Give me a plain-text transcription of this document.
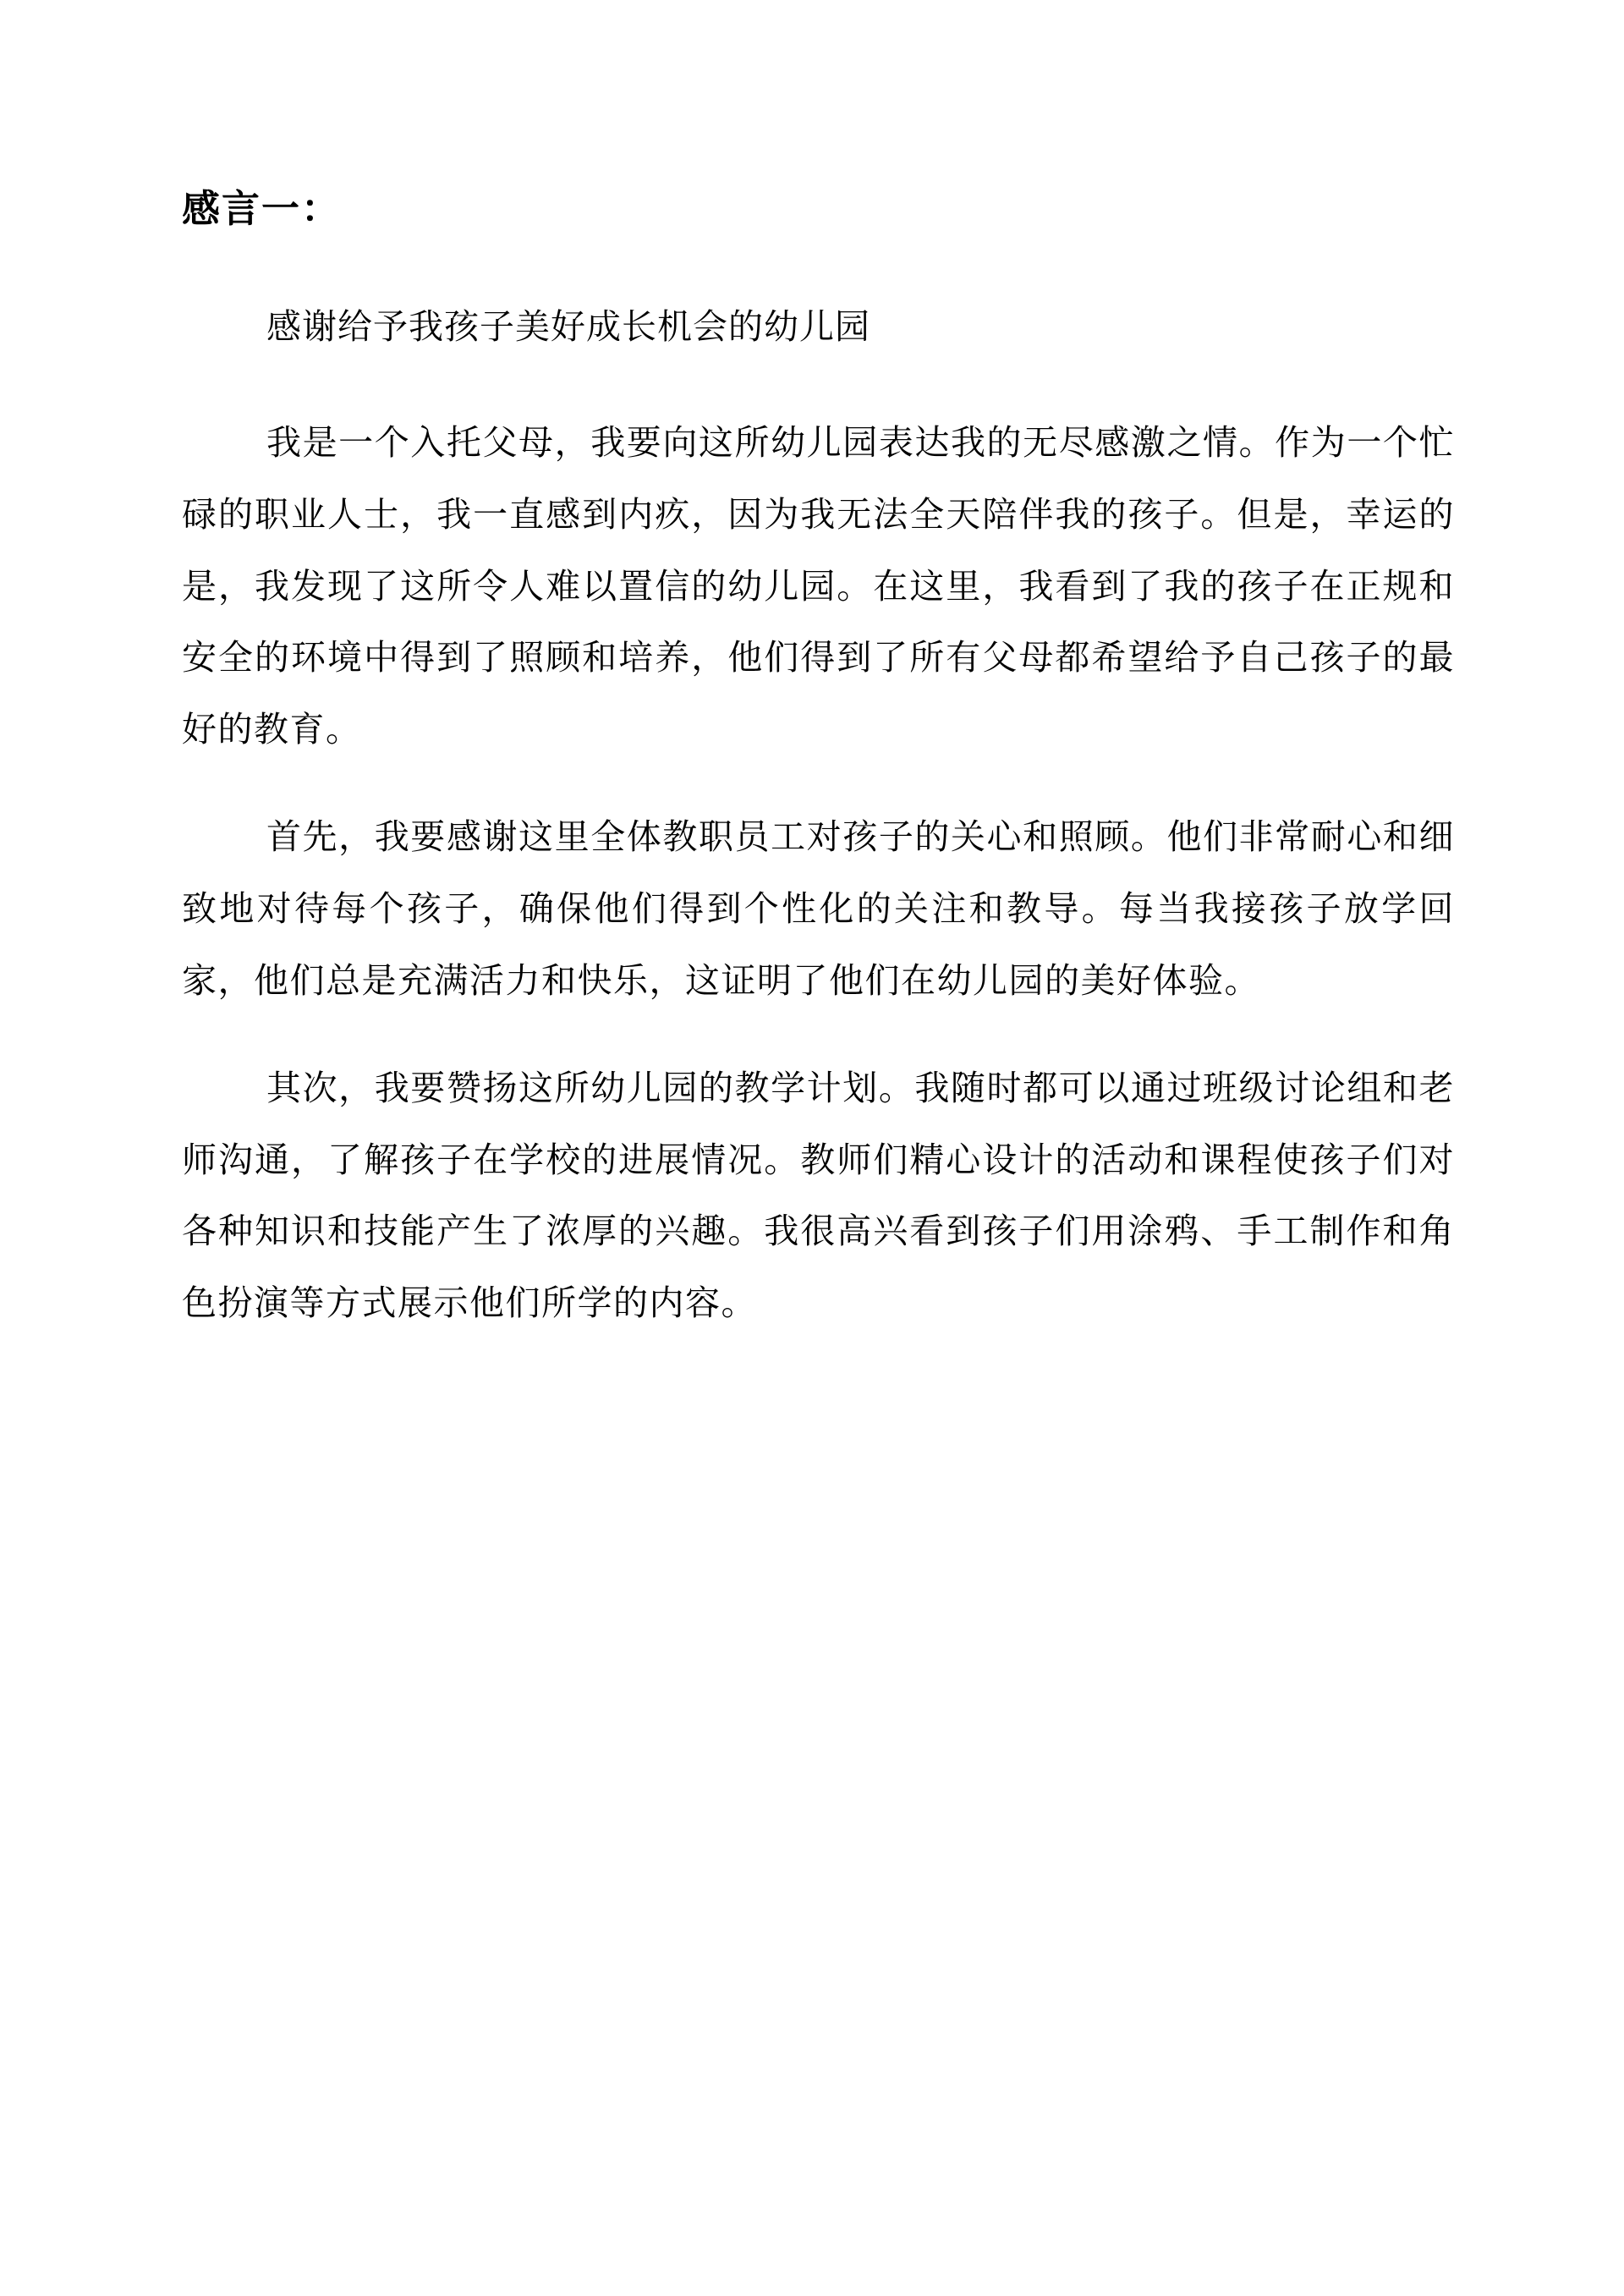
感言一：

感谢给予我孩子美好成长机会的幼儿园

我是一个入托父母，我要向这所幼儿园表达我的无尽感激之情。作为一个忙碌的职业人士，我一直感到内疚，因为我无法全天陪伴我的孩子。但是，幸运的是，我发现了这所令人难以置信的幼儿园。在这里，我看到了我的孩子在正规和安全的环境中得到了照顾和培养，他们得到了所有父母都希望给予自己孩子的最好的教育。

首先，我要感谢这里全体教职员工对孩子的关心和照顾。他们非常耐心和细致地对待每个孩子，确保他们得到个性化的关注和教导。每当我接孩子放学回家，他们总是充满活力和快乐，这证明了他们在幼儿园的美好体验。

其次，我要赞扬这所幼儿园的教学计划。我随时都可以通过班级讨论组和老师沟通，了解孩子在学校的进展情况。教师们精心设计的活动和课程使孩子们对各种知识和技能产生了浓厚的兴趣。我很高兴看到孩子们用涂鸦、手工制作和角色扮演等方式展示他们所学的内容。
